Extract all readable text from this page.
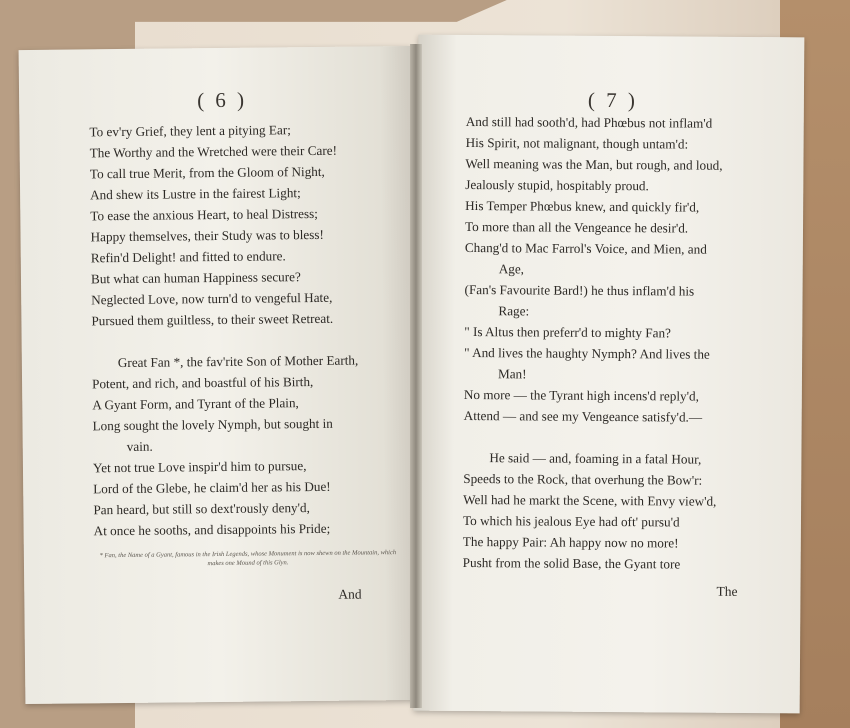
( 6 )
To ev'ry Grief, they lent a pitying Ear;
The Worthy and the Wretched were their Care!
To call true Merit, from the Gloom of Night,
And shew its Lustre in the fairest Light;
To ease the anxious Heart, to heal Distress;
Happy themselves, their Study was to bless!
Refin'd Delight! and fitted to endure.
But what can human Happiness secure?
Neglected Love, now turn'd to vengeful Hate,
Pursued them guiltless, to their sweet Retreat.
Great Fan *, the fav'rite Son of Mother Earth,
Potent, and rich, and boastful of his Birth,
A Gyant Form, and Tyrant of the Plain,
Long sought the lovely Nymph, but sought in
vain.
Yet not true Love inspir'd him to pursue,
Lord of the Glebe, he claim'd her as his Due!
Pan heard, but still so dext'rously deny'd,
At once he sooths, and disappoints his Pride;
* Fan, the Name of a Gyant, famous in the Irish Legends, whose Monument is now shewn on the Mountain, which makes one Mound of this Glyn.
And
( 7 )
And still had sooth'd, had Phœbus not inflam'd
His Spirit, not malignant, though untam'd:
Well meaning was the Man, but rough, and loud,
Jealously stupid, hospitably proud.
His Temper Phœbus knew, and quickly fir'd,
To more than all the Vengeance he desir'd.
Chang'd to Mac Farrol's Voice, and Mien, and
Age,
(Fan's Favourite Bard!) he thus inflam'd his
Rage:
" Is Altus then preferr'd to mighty Fan?
" And lives the haughty Nymph? And lives the
Man!
No more — the Tyrant high incens'd reply'd,
Attend — and see my Vengeance satisfy'd.—
He said — and, foaming in a fatal Hour,
Speeds to the Rock, that overhung the Bow'r:
Well had he markt the Scene, with Envy view'd,
To which his jealous Eye had oft' pursu'd
The happy Pair: Ah happy now no more!
Pusht from the solid Base, the Gyant tore
The
